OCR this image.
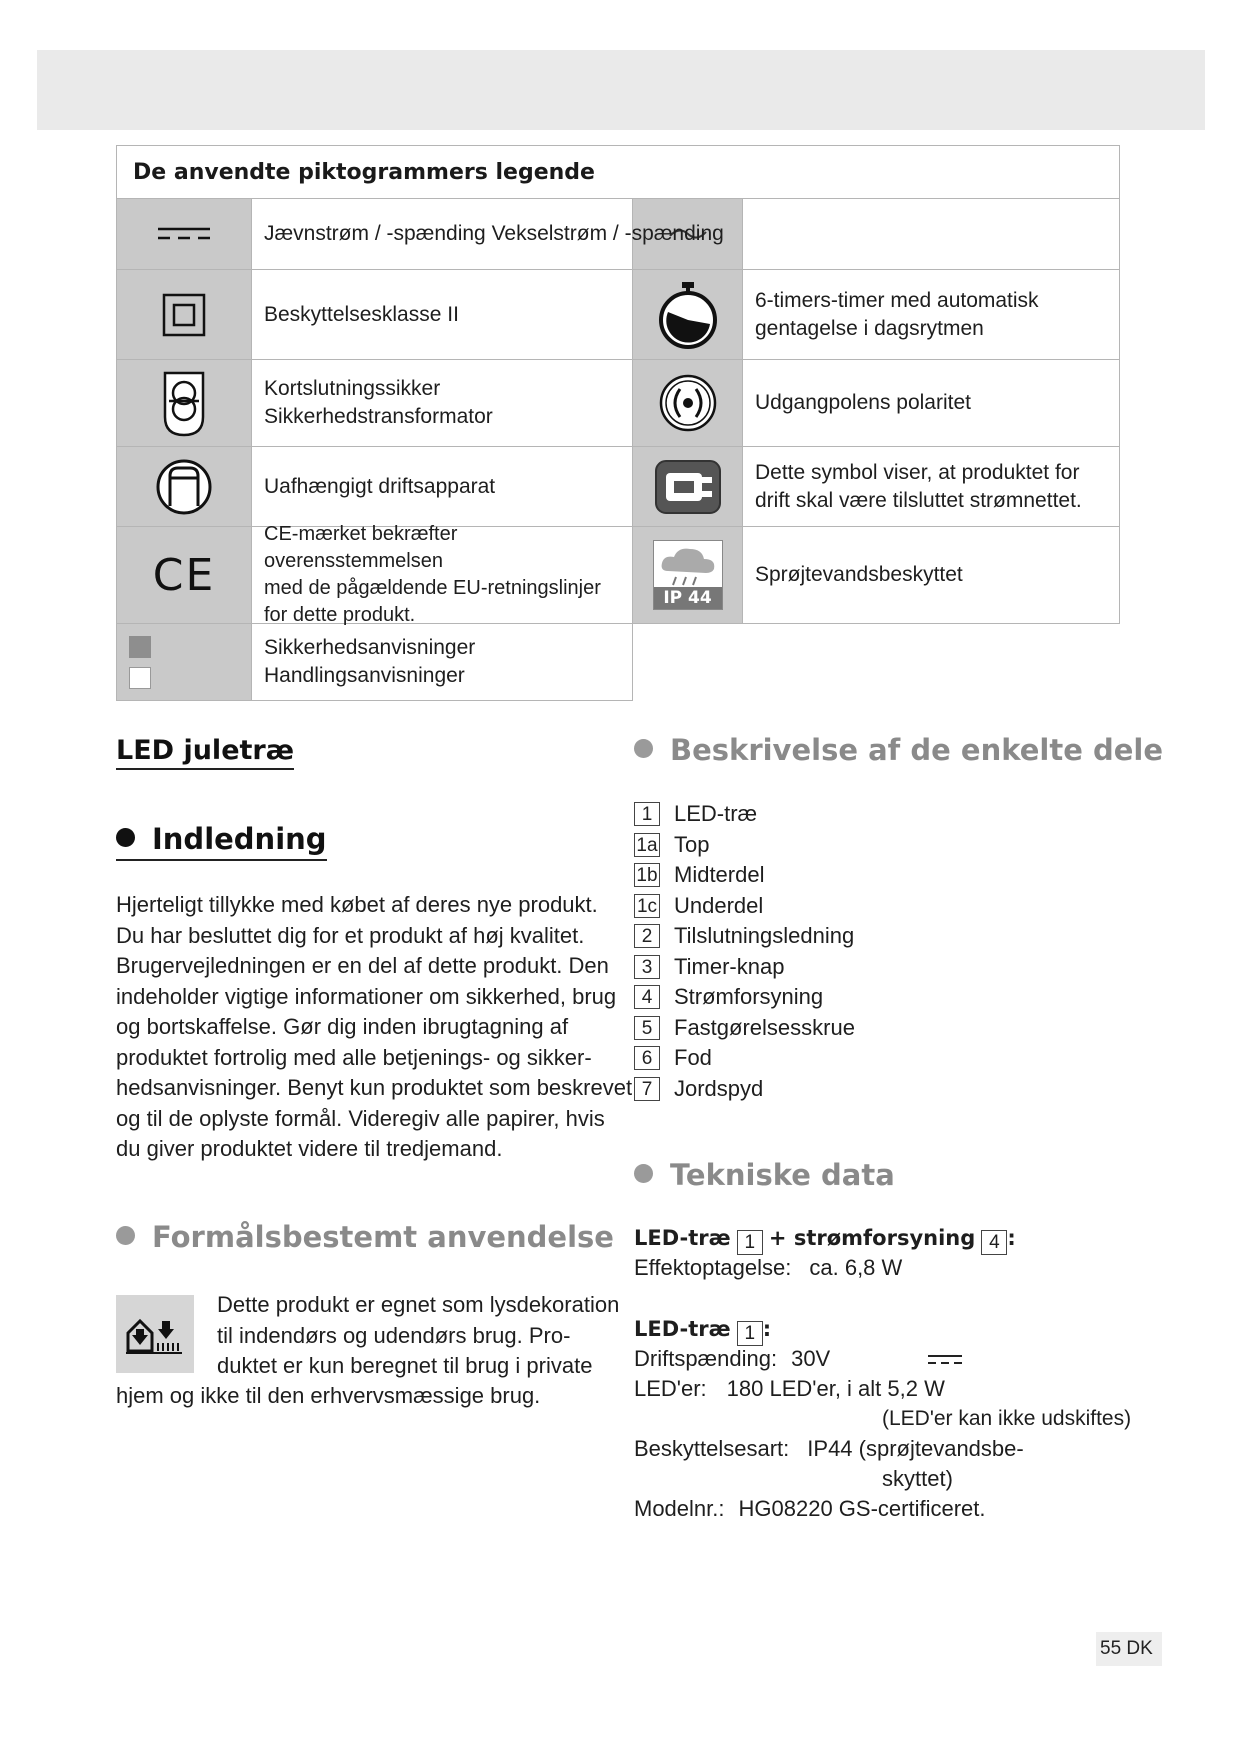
De anvendte piktogrammers legende
Jævnstrøm / -spænding Vekselstrøm / -spænding
Beskyttelsesklasse II
6-timers-timer med automatisk
gentagelse i dagsrytmen
Kortslutningssikker
Sikkerhedstransformator
Udgangpolens polaritet
Uafhængigt driftsapparat
Dette symbol viser, at produktet for
drift skal være tilsluttet strømnettet.
CE
CE-mærket bekræfter overensstemmelsen
med de pågældende EU-retningslinjer
for dette produkt.
IP 44
Sprøjtevandsbeskyttet
Sikkerhedsanvisninger
Handlingsanvisninger
LED juletræ
Indledning
Hjerteligt tillykke med købet af deres nye produkt.
Du har besluttet dig for et produkt af høj kvalitet.
Brugervejledningen er en del af dette produkt. Den
indeholder vigtige informationer om sikkerhed, brug
og bortskaffelse. Gør dig inden ibrugtagning af
produktet fortrolig med alle betjenings- og sikker-
hedsanvisninger. Benyt kun produktet som beskrevet
og til de oplyste formål. Videregiv alle papirer, hvis
du giver produktet videre til tredjemand.
Formålsbestemt anvendelse
Dette produkt er egnet som lysdekoration
til indendørs og udendørs brug. Pro-
duktet er kun beregnet til brug i private
hjem og ikke til den erhvervsmæssige brug.
Beskrivelse af de enkelte dele
1 LED-træ
1a Top
1b Midterdel
1c Underdel
2 Tilslutningsledning
3 Timer-knap
4 Strømforsyning
5 Fastgørelsesskrue
6 Fod
7 Jordspyd
Tekniske data
LED-træ 1 + strømforsyning 4 :
Effektoptagelse: ca. 6,8 W
LED-træ 1 :
Driftspænding: 30V
LED'er: 180 LED'er, i alt 5,2 W
(LED'er kan ikke udskiftes)
Beskyttelsesart: IP44 (sprøjtevandsbe-
skyttet)
Modelnr.: HG08220 GS-certificeret.
55 DK
